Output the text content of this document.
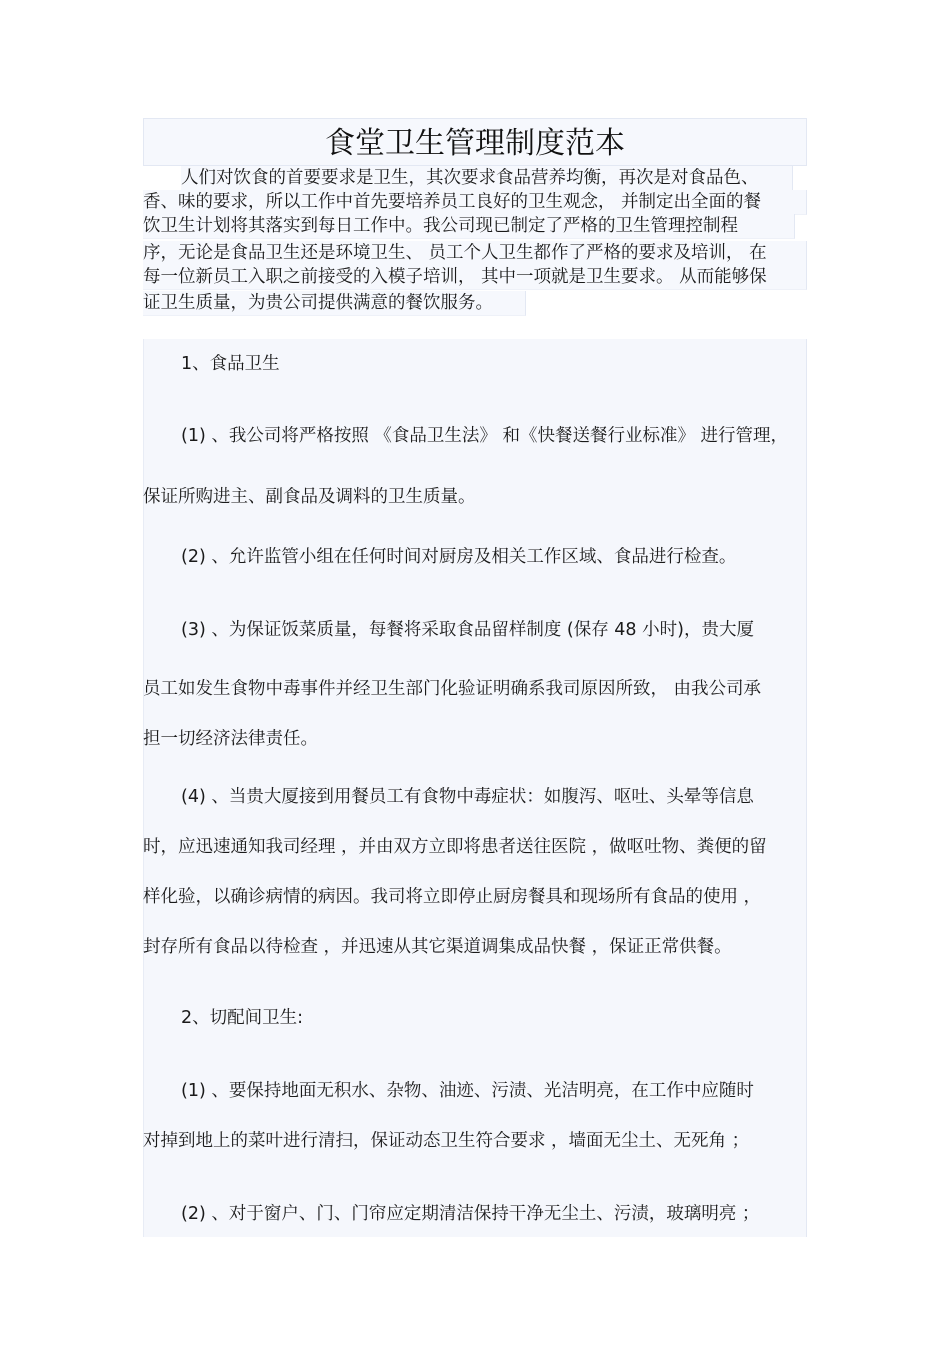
食堂卫生管理制度范本
人们对饮食的首要要求是卫生，其次要求食品营养均衡，再次是对食品色、
香、味的要求，所以工作中首先要培养员工良好的卫生观念， 并制定出全面的餐
饮卫生计划将其落实到每日工作中。我公司现已制定了严格的卫生管理控制程
序，无论是食品卫生还是环境卫生、 员工个人卫生都作了严格的要求及培训， 在
每一位新员工入职之前接受的入模子培训， 其中一项就是卫生要求。 从而能够保
证卫生质量，为贵公司提供满意的餐饮服务。
1、食品卫生
(1) 、我公司将严格按照 《食品卫生法》 和《快餐送餐行业标准》 进行管理，
保证所购进主、副食品及调料的卫生质量。
(2) 、允许监管小组在任何时间对厨房及相关工作区域、食品进行检查。
(3) 、为保证饭菜质量，每餐将采取食品留样制度 (保存 48 小时)，贵大厦
员工如发生食物中毒事件并经卫生部门化验证明确系我司原因所致， 由我公司承
担一切经济法律责任。
(4) 、当贵大厦接到用餐员工有食物中毒症状：如腹泻、呕吐、头晕等信息
时，应迅速通知我司经理 ，并由双方立即将患者送往医院 ，做呕吐物、粪便的留
样化验，以确诊病情的病因。我司将立即停止厨房餐具和现场所有食品的使用 ，
封存所有食品以待检查 ，并迅速从其它渠道调集成品快餐 ，保证正常供餐。
2、切配间卫生:
(1) 、要保持地面无积水、杂物、油迹、污渍、光洁明亮，在工作中应随时
对掉到地上的菜叶进行清扫，保证动态卫生符合要求 ，墙面无尘土、无死角 ；
(2) 、对于窗户、门、门帘应定期清洁保持干净无尘土、污渍，玻璃明亮 ；
